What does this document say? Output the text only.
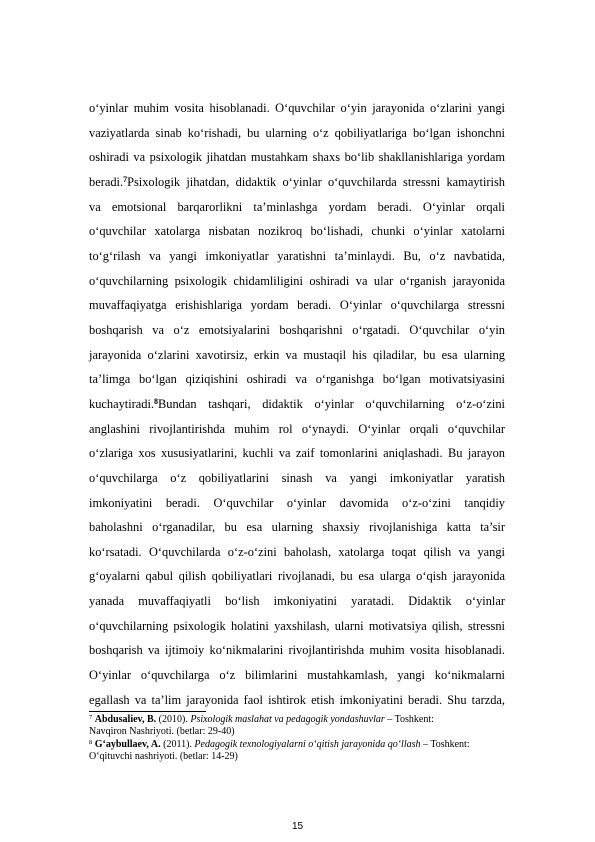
o‘yinlar muhim vosita hisoblanadi. O‘quvchilar o‘yin jarayonida o‘zlarini yangi
vaziyatlarda sinab ko‘rishadi, bu ularning o‘z qobiliyatlariga bo‘lgan ishonchni
oshiradi va psixologik jihatdan mustahkam shaxs bo‘lib shakllanishlariga yordam
beradi.$^7$Psixologik jihatdan, didaktik o‘yinlar o‘quvchilarda stressni kamaytirish
va emotsional barqarorlikni ta’minlashga yordam beradi. O‘yinlar orqali
o‘quvchilar xatolarga nisbatan nozikroq bo‘lishadi, chunki o‘yinlar xatolarni
to‘g‘rilash va yangi imkoniyatlar yaratishni ta’minlaydi. Bu, o‘z navbatida,
o‘quvchilarning psixologik chidamliligini oshiradi va ular o‘rganish jarayonida
muvaffaqiyatga erishishlariga yordam beradi. O‘yinlar o‘quvchilarga stressni
boshqarish va o‘z emotsiyalarini boshqarishni o‘rgatadi. O‘quvchilar o‘yin
jarayonida o‘zlarini xavotirsiz, erkin va mustaqil his qiladilar, bu esa ularning
ta’limga bo‘lgan qiziqishini oshiradi va o‘rganishga bo‘lgan motivatsiyasini
kuchaytiradi.$^8$Bundan tashqari, didaktik o‘yinlar o‘quvchilarning o‘z-o‘zini
anglashini rivojlantirishda muhim rol o‘ynaydi. O‘yinlar orqali o‘quvchilar
o‘zlariga xos xususiyatlarini, kuchli va zaif tomonlarini aniqlashadi. Bu jarayon
o‘quvchilarga o‘z qobiliyatlarini sinash va yangi imkoniyatlar yaratish
imkoniyatini beradi. O‘quvchilar o‘yinlar davomida o‘z-o‘zini tanqidiy
baholashni o‘rganadilar, bu esa ularning shaxsiy rivojlanishiga katta ta’sir
ko‘rsatadi. O‘quvchilarda o‘z-o‘zini baholash, xatolarga toqat qilish va yangi
g‘oyalarni qabul qilish qobiliyatlari rivojlanadi, bu esa ularga o‘qish jarayonida
yanada muvaffaqiyatli bo‘lish imkoniyatini yaratadi. Didaktik o‘yinlar
o‘quvchilarning psixologik holatini yaxshilash, ularni motivatsiya qilish, stressni
boshqarish va ijtimoiy ko‘nikmalarini rivojlantirishda muhim vosita hisoblanadi.
O‘yinlar o‘quvchilarga o‘z bilimlarini mustahkamlash, yangi ko‘nikmalarni
egallash va ta’lim jarayonida faol ishtirok etish imkoniyatini beradi. Shu tarzda,

$^7$ Abdusaliev, B. (2010). Psixologik maslahat va pedagogik yondashuvlar – Toshkent:
Navqiron Nashriyoti. (betlar: 29-40)

$^8$ G‘aybullaev, A. (2011). Pedagogik texnologiyalarni o‘qitish jarayonida qo‘llash – Toshkent:
O‘qituvchi nashriyoti. (betlar: 14-29)

15
